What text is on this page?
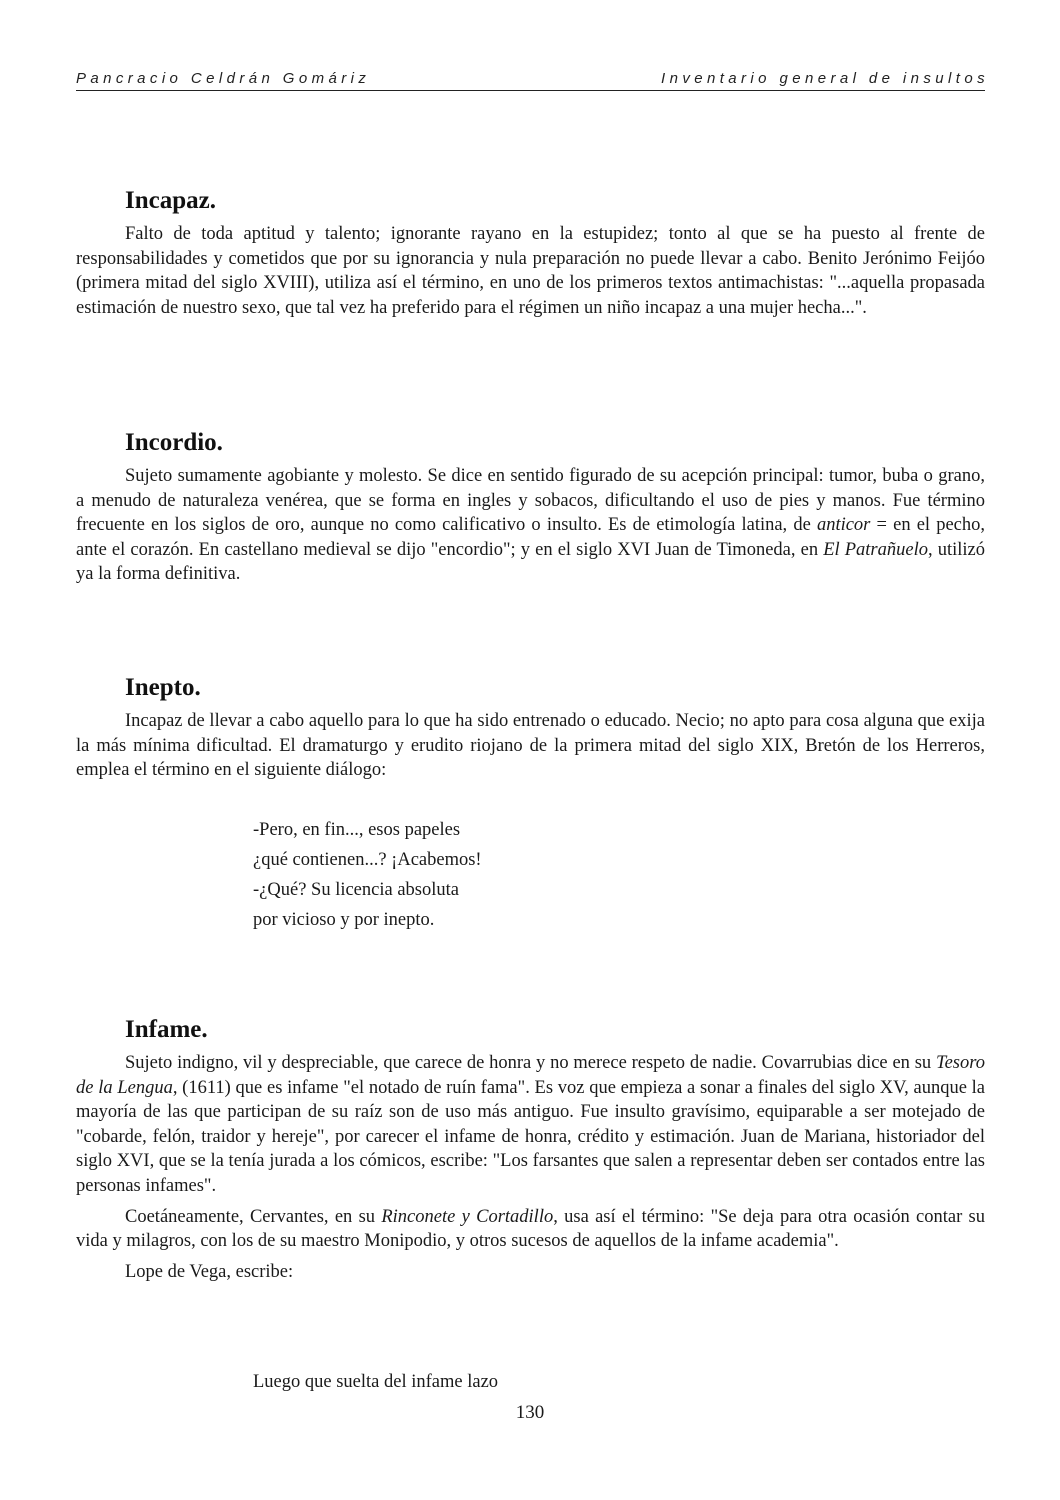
Pancracio Celdrán Gomáriz	Inventario general de insultos
Incapaz.

Falto de toda aptitud y talento; ignorante rayano en la estupidez; tonto al que se ha puesto al frente de responsabilidades y cometidos que por su ignorancia y nula preparación no puede llevar a cabo. Benito Jerónimo Feijóo (primera mitad del siglo XVIII), utiliza así el término, en uno de los primeros textos antimachistas: "...aquella propasada estimación de nuestro sexo, que tal vez ha preferido para el régimen un niño incapaz a una mujer hecha...".

Incordio.

Sujeto sumamente agobiante y molesto. Se dice en sentido figurado de su acepción principal: tumor, buba o grano, a menudo de naturaleza venérea, que se forma en ingles y sobacos, dificultando el uso de pies y manos. Fue término frecuente en los siglos de oro, aunque no como calificativo o insulto. Es de etimología latina, de anticor = en el pecho, ante el corazón. En castellano medieval se dijo "encordio"; y en el siglo XVI Juan de Timoneda, en El Patrañuelo, utilizó ya la forma definitiva.

Inepto.

Incapaz de llevar a cabo aquello para lo que ha sido entrenado o educado. Necio; no apto para cosa alguna que exija la más mínima dificultad. El dramaturgo y erudito riojano de la primera mitad del siglo XIX, Bretón de los Herreros, emplea el término en el siguiente diálogo:

-Pero, en fin..., esos papeles
¿qué contienen...? ¡Acabemos!
-¿Qué? Su licencia absoluta
por vicioso y por inepto.
Infame.

Sujeto indigno, vil y despreciable, que carece de honra y no merece respeto de nadie. Covarrubias dice en su Tesoro de la Lengua, (1611) que es infame "el notado de ruín fama". Es voz que empieza a sonar a finales del siglo XV, aunque la mayoría de las que participan de su raíz son de uso más antiguo. Fue insulto gravísimo, equiparable a ser motejado de "cobarde, felón, traidor y hereje", por carecer el infame de honra, crédito y estimación. Juan de Mariana, historiador del siglo XVI, que se la tenía jurada a los cómicos, escribe: "Los farsantes que salen a representar deben ser contados entre las personas infames".

Coetáneamente, Cervantes, en su Rinconete y Cortadillo, usa así el término: "Se deja para otra ocasión contar su vida y milagros, con los de su maestro Monipodio, y otros sucesos de aquellos de la infame academia".

Lope de Vega, escribe:

Luego que suelta del infame lazo
130
